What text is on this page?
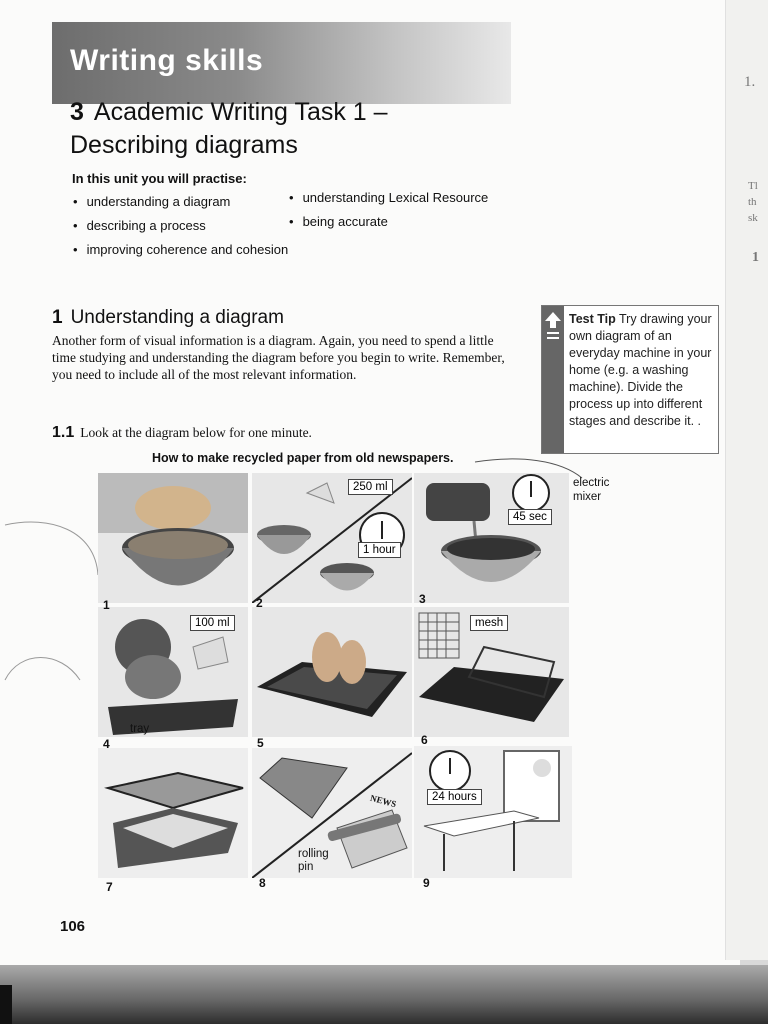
1.
Tl
th
sk
1
Writing skills
3 Academic Writing Task 1 – Describing diagrams
In this unit you will practise:
• understanding a diagram
• describing a process
• improving coherence and cohesion
• understanding Lexical Resource
• being accurate
1 Understanding a diagram
Another form of visual information is a diagram. Again, you need to spend a little time studying and understanding the diagram before you begin to write. Remember, you need to include all of the most relevant information.
Test Tip Try drawing your own diagram of an everyday machine in your home (e.g. a washing machine). Divide the process up into different stages and describe it. .
1.1 Look at the diagram below for one minute.
How to make recycled paper from old newspapers.
250 ml
1 hour
45 sec
electric mixer
100 ml
tray
mesh
NEWS
rolling pin
24 hours
1	2	3
4	5	6
7	8	9
106
